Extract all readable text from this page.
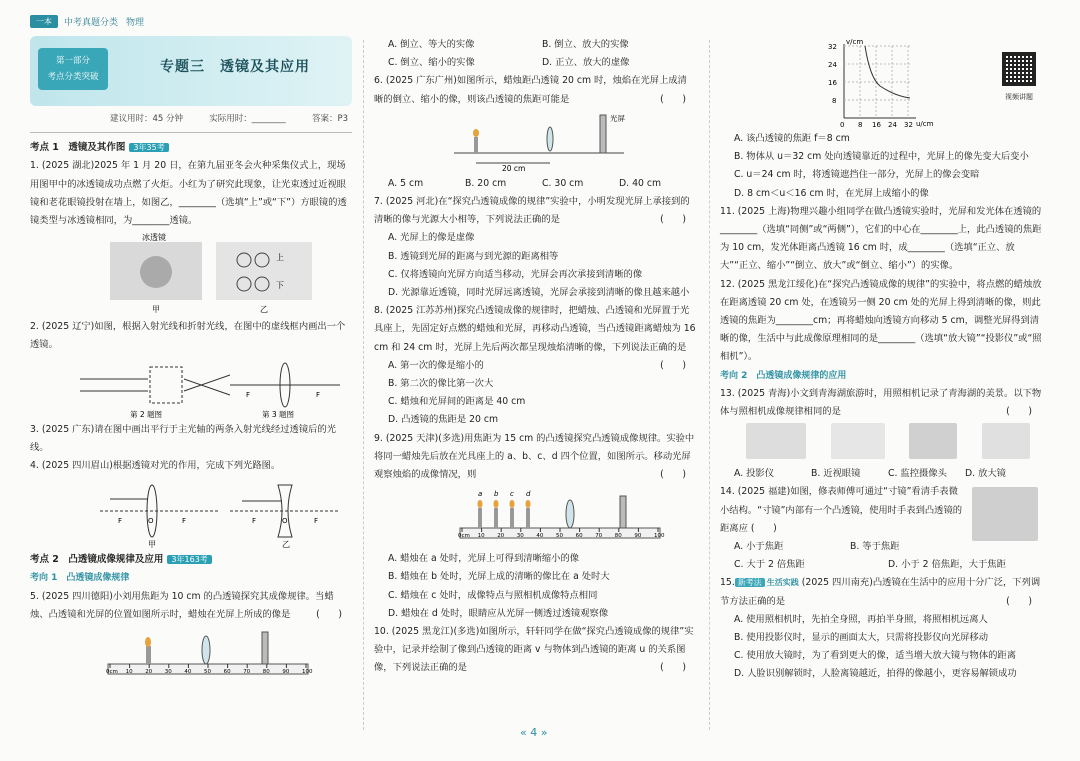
一本	中考真题分类 物理
第一部分
考点分类突破
专题三　透镜及其应用
建议用时：45 分钟	实际用时：________	答案：P3
考点 1　透镜及其作图 3年35考

1. (2025 湖北)2025 年 1 月 20 日，在第九届亚冬会火种采集仪式上，现场用图甲中的冰透镜成功点燃了火炬。小红为了研究此现象，让光束透过近视眼镜和老花眼镜投射在墙上，如图乙，________（选填“上”或“下”）方眼镜的透镜类型与冰透镜相同，为________透镜。

上
下
冰透镜
甲	乙

2. (2025 辽宁)如图，根据入射光线和折射光线，在图中的虚线框内画出一个透镜。

F	F
第 2 题图	第 3 题图

3. (2025 广东)请在图中画出平行于主光轴的两条入射光线经过透镜后的光线。

4. (2025 四川眉山)根据透镜对光的作用，完成下列光路图。

F	O	F
甲
F	O	F
乙
考点 2　凸透镜成像规律及应用 3年163考
考向 1　凸透镜成像规律

5. (2025 四川德阳)小刘用焦距为 10 cm 的凸透镜探究其成像规律。当蜡烛、凸透镜和光屏的位置如图所示时，蜡烛在光屏上所成的像是	(　　)

0cm 10 20 30 40 50 60 70 80 90 100
A. 倒立、等大的实像	B. 倒立、放大的实像
C. 倒立、缩小的实像	D. 正立、放大的虚像

6. (2025 广东广州)如图所示，蜡烛距凸透镜 20 cm 时，烛焰在光屏上成清晰的倒立、缩小的像，则该凸透镜的焦距可能是	(　　)

光屏
20 cm
A. 5 cm	B. 20 cm	C. 30 cm	D. 40 cm

7. (2025 河北)在“探究凸透镜成像的规律”实验中，小明发现光屏上承接到的清晰的像与光源大小相等，下列说法正确的是	(　　)

A. 光屏上的像是虚像

B. 透镜到光屏的距离与到光源的距离相等

C. 仅将透镜向光屏方向适当移动，光屏会再次承接到清晰的像

D. 光源靠近透镜，同时光屏远离透镜，光屏会承接到清晰的像且越来越小

8. (2025 江苏苏州)探究凸透镜成像的规律时，把蜡烛、凸透镜和光屏置于光具座上，先固定好点燃的蜡烛和光屏，再移动凸透镜，当凸透镜距离蜡烛为 16 cm 和 24 cm 时，光屏上先后两次都呈现烛焰清晰的像，下列说法正确的是
(　　)

A. 第一次的像是缩小的

B. 第二次的像比第一次大

C. 蜡烛和光屏间的距离是 40 cm

D. 凸透镜的焦距是 20 cm

9. (2025 天津)(多选)用焦距为 15 cm 的凸透镜探究凸透镜成像规律。实验中将同一蜡烛先后放在光具座上的 a、b、c、d 四个位置，如图所示。移动光屏观察烛焰的成像情况，则	(　　)

a b c d
0cm 10 20 30 40 50 60 70 80 90 100

A. 蜡烛在 a 处时，光屏上可得到清晰缩小的像

B. 蜡烛在 b 处时，光屏上成的清晰的像比在 a 处时大

C. 蜡烛在 c 处时，成像特点与照相机成像特点相同

D. 蜡烛在 d 处时，眼睛应从光屏一侧透过透镜观察像

10. (2025 黑龙江)(多选)如图所示，轩轩同学在做“探究凸透镜成像的规律”实验中，记录并绘制了像到凸透镜的距离 v 与物体到凸透镜的距离 u 的关系图像，下列说法正确的是	(　　)

v/cm
u/cm
32
24
16
8
0 8 16 24 32
视频讲题

A. 该凸透镜的焦距 f＝8 cm

B. 物体从 u＝32 cm 处向透镜靠近的过程中，光屏上的像先变大后变小

C. u＝24 cm 时，将透镜遮挡住一部分，光屏上的像会变暗

D. 8 cm＜u＜16 cm 时，在光屏上成缩小的像

11. (2025 上海)物理兴趣小组同学在做凸透镜实验时，光屏和发光体在透镜的________（选填“同侧”或“两侧”），它们的中心在________上，此凸透镜的焦距为 10 cm，发光体距离凸透镜 16 cm 时，成________（选填“正立、放大”“正立、缩小”“倒立、放大”或“倒立、缩小”）的实像。

12. (2025 黑龙江绥化)在“探究凸透镜成像的规律”的实验中，将点燃的蜡烛放在距离透镜 20 cm 处，在透镜另一侧 20 cm 处的光屏上得到清晰的像，则此透镜的焦距为________cm；再将蜡烛向透镜方向移动 5 cm，调整光屏得到清晰的像，生活中与此成像原理相同的是________（选填“放大镜”“投影仪”或“照相机”）。

考向 2　凸透镜成像规律的应用

13. (2025 青海)小文到青海湖旅游时，用照相机记录了青海湖的美景。以下物体与照相机成像规律相同的是	(　　)

A. 投影仪	B. 近视眼镜	C. 监控摄像头	D. 放大镜

14. (2025 福建)如图，修表师傅可通过“寸镜”看清手表微小结构。“寸镜”内部有一个凸透镜，使用时手表到凸透镜的距离应 (　　)

A. 小于焦距	B. 等于焦距
C. 大于 2 倍焦距	D. 小于 2 倍焦距，大于焦距

15. 新考法 生活实践 (2025 四川南充)凸透镜在生活中的应用十分广泛，下列调节方法正确的是	(　　)

A. 使用照相机时，先拍全身照，再拍半身照，将照相机远离人

B. 使用投影仪时，显示的画面太大，只需将投影仪向光屏移动

C. 使用放大镜时，为了看到更大的像，适当增大放大镜与物体的距离

D. 人脸识别解锁时，人脸离镜越近，拍得的像越小，更容易解锁成功

« 4 »
